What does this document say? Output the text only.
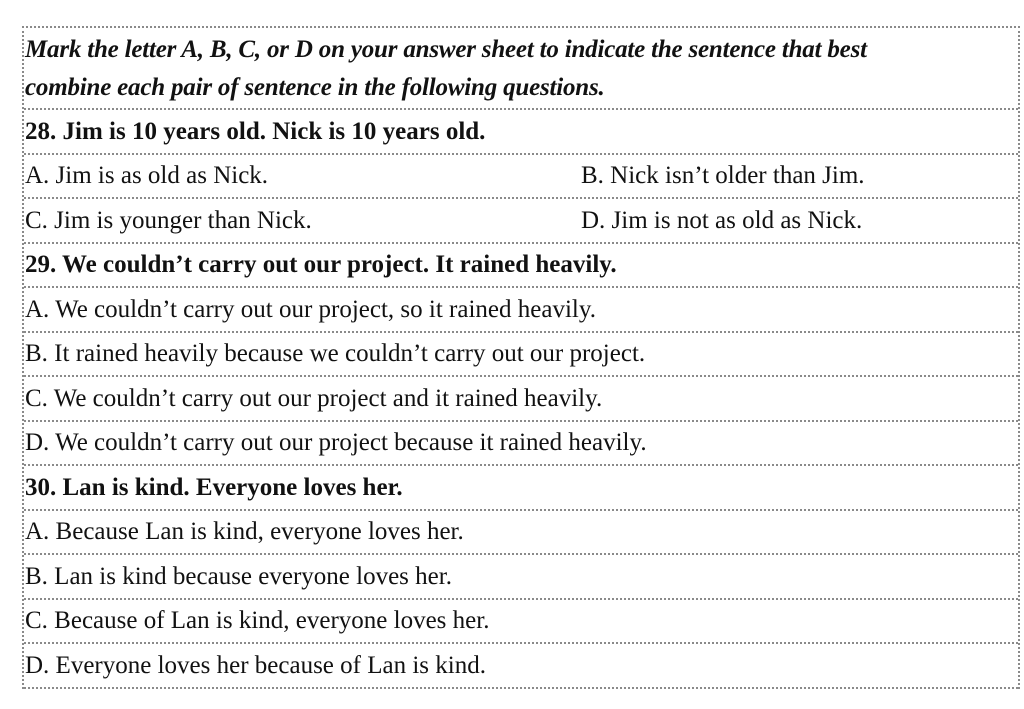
Mark the letter A, B, C, or D on your answer sheet to indicate the sentence that best
combine each pair of sentence in the following questions.
28. Jim is 10 years old. Nick is 10 years old.
A. Jim is as old as Nick.	B. Nick isn’t older than Jim.
C. Jim is younger than Nick.	D. Jim is not as old as Nick.
29. We couldn’t carry out our project. It rained heavily.
A. We couldn’t carry out our project, so it rained heavily.
B. It rained heavily because we couldn’t carry out our project.
C. We couldn’t carry out our project and it rained heavily.
D. We couldn’t carry out our project because it rained heavily.
30. Lan is kind. Everyone loves her.
A. Because Lan is kind, everyone loves her.
B. Lan is kind because everyone loves her.
C. Because of Lan is kind, everyone loves her.
D. Everyone loves her because of Lan is kind.
